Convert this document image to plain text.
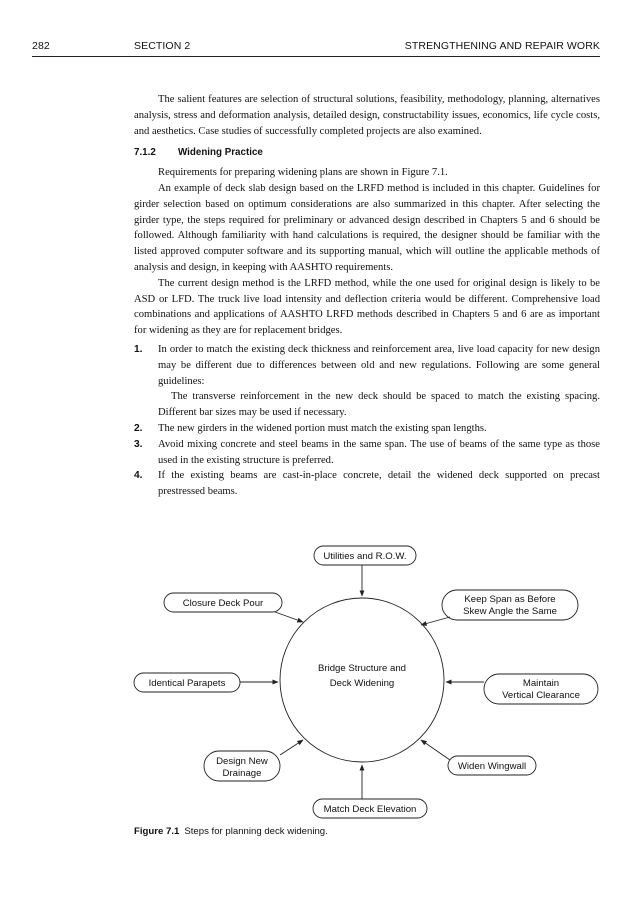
282	SECTION 2	STRENGTHENING AND REPAIR WORK

The salient features are selection of structural solutions, feasibility, methodology, planning, alternatives analysis, stress and deformation analysis, detailed design, constructability issues, economics, life cycle costs, and aesthetics. Case studies of successfully completed projects are also examined.

7.1.2 Widening Practice

Requirements for preparing widening plans are shown in Figure 7.1.

An example of deck slab design based on the LRFD method is included in this chapter. Guidelines for girder selection based on optimum considerations are also summarized in this chapter. After selecting the girder type, the steps required for preliminary or advanced design described in Chapters 5 and 6 should be followed. Although familiarity with hand calculations is required, the designer should be familiar with the listed approved computer software and its supporting manual, which will outline the applicable methods of analysis and design, in keeping with AASHTO requirements.

The current design method is the LRFD method, while the one used for original design is likely to be ASD or LFD. The truck live load intensity and deflection criteria would be different. Comprehensive load combinations and applications of AASHTO LRFD methods described in Chapters 5 and 6 are as important for widening as they are for replacement bridges.

1. In order to match the existing deck thickness and reinforcement area, live load capacity for new design may be different due to differences between old and new regulations. Following are some general guidelines:
The transverse reinforcement in the new deck should be spaced to match the existing spacing. Different bar sizes may be used if necessary.
2. The new girders in the widened portion must match the existing span lengths.
3. Avoid mixing concrete and steel beams in the same span. The use of beams of the same type as those used in the existing structure is preferred.
4. If the existing beams are cast-in-place concrete, detail the widened deck supported on precast prestressed beams.
Bridge Structure and
Deck Widening
Utilities and R.O.W.
Closure Deck Pour	Keep Span as Before
Skew Angle the Same
Identical Parapets	Maintain
Vertical Clearance
Design New
Drainage
Widen Wingwall
Match Deck Elevation
Figure 7.1 Steps for planning deck widening.
